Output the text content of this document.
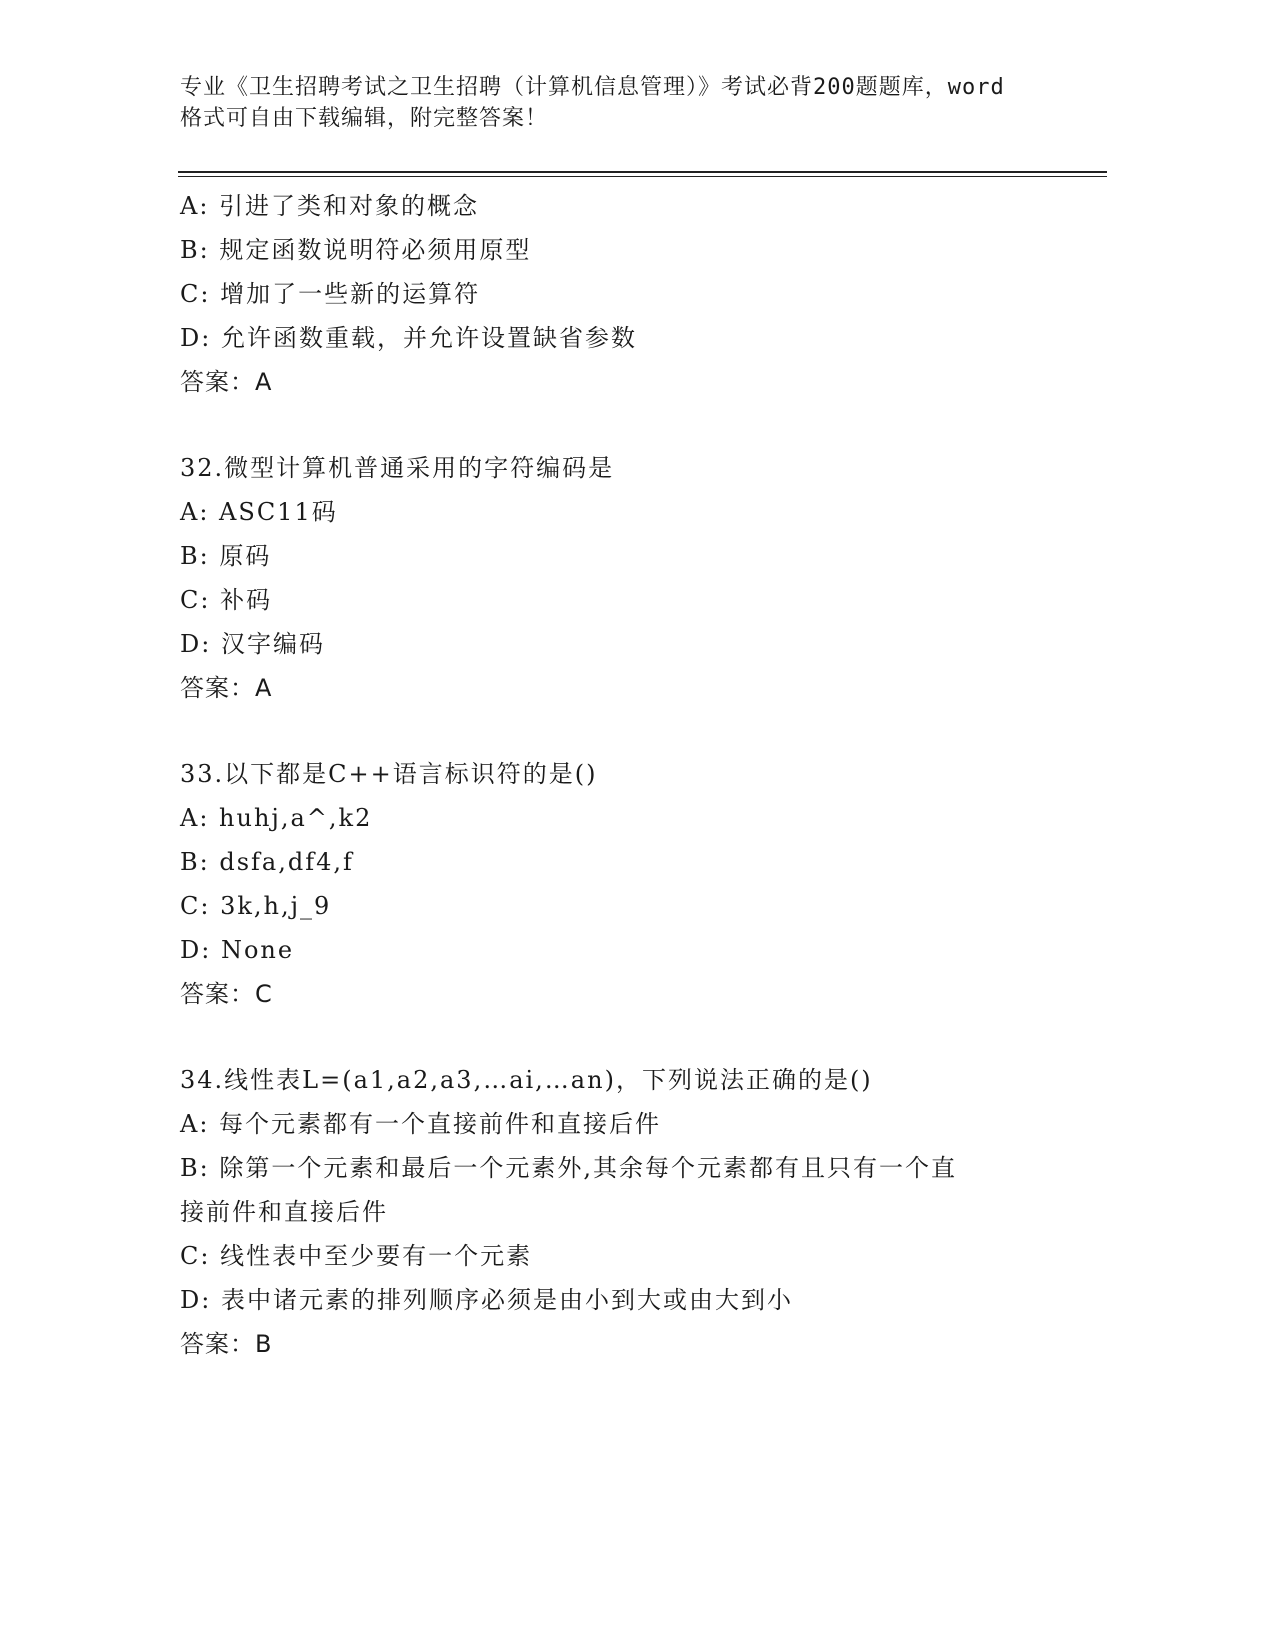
专业《卫生招聘考试之卫生招聘（计算机信息管理）》考试必背200题题库，word
格式可自由下载编辑，附完整答案！
A: 引进了类和对象的概念
B: 规定函数说明符必须用原型
C: 增加了一些新的运算符
D: 允许函数重载，并允许设置缺省参数
答案：A
32.微型计算机普通采用的字符编码是
A: ASC11码
B: 原码
C: 补码
D: 汉字编码
答案：A
33.以下都是C++语言标识符的是()
A: huhj,a^,k2
B: dsfa,df4,f
C: 3k,h,j_9
D: None
答案：C
34.线性表L=(a1,a2,a3,…ai,…an)，下列说法正确的是()
A: 每个元素都有一个直接前件和直接后件
B: 除第一个元素和最后一个元素外,其余每个元素都有且只有一个直
接前件和直接后件
C: 线性表中至少要有一个元素
D: 表中诸元素的排列顺序必须是由小到大或由大到小
答案：B
